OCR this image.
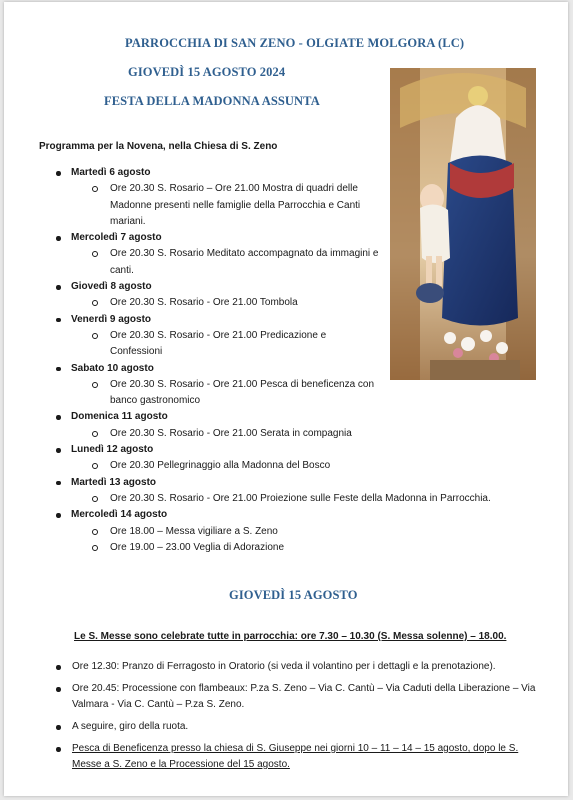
PARROCCHIA DI SAN ZENO - OLGIATE MOLGORA (LC)
GIOVEDÌ 15 AGOSTO 2024
FESTA DELLA MADONNA ASSUNTA
Programma per la Novena, nella Chiesa di S. Zeno
Martedì 6 agosto
Ore 20.30 S. Rosario – Ore 21.00 Mostra di quadri delle Madonne presenti nelle famiglie della Parrocchia e Canti mariani.
Mercoledì 7 agosto
Ore 20.30 S. Rosario Meditato accompagnato da immagini e canti.
Giovedì 8 agosto
Ore 20.30 S. Rosario - Ore 21.00 Tombola
Venerdì 9 agosto
Ore 20.30 S. Rosario - Ore 21.00 Predicazione e Confessioni
Sabato 10 agosto
Ore 20.30 S. Rosario - Ore 21.00 Pesca di beneficenza con banco gastronomico
Domenica 11 agosto
Ore 20.30 S. Rosario - Ore 21.00 Serata in compagnia
Lunedì 12 agosto
Ore 20.30 Pellegrinaggio alla Madonna del Bosco
Martedì 13 agosto
Ore 20.30 S. Rosario - Ore 21.00 Proiezione sulle Feste della Madonna in Parrocchia.
Mercoledì 14 agosto
Ore 18.00 – Messa vigiliare a S. Zeno
Ore 19.00 – 23.00 Veglia di Adorazione
GIOVEDÌ 15 AGOSTO
Le S. Messe sono celebrate tutte in parrocchia: ore 7.30 – 10.30 (S. Messa solenne) – 18.00.
Ore 12.30: Pranzo di Ferragosto in Oratorio (si veda il volantino per i dettagli e la prenotazione).
Ore 20.45: Processione con flambeaux: P.za S. Zeno – Via C. Cantù – Via Caduti della Liberazione – Via Valmara - Via C. Cantù – P.za S. Zeno.
A seguire, giro della ruota.
Pesca di Beneficenza presso la chiesa di S. Giuseppe nei giorni 10 – 11 – 14 – 15 agosto, dopo le S. Messe a S. Zeno e la Processione del 15 agosto.
